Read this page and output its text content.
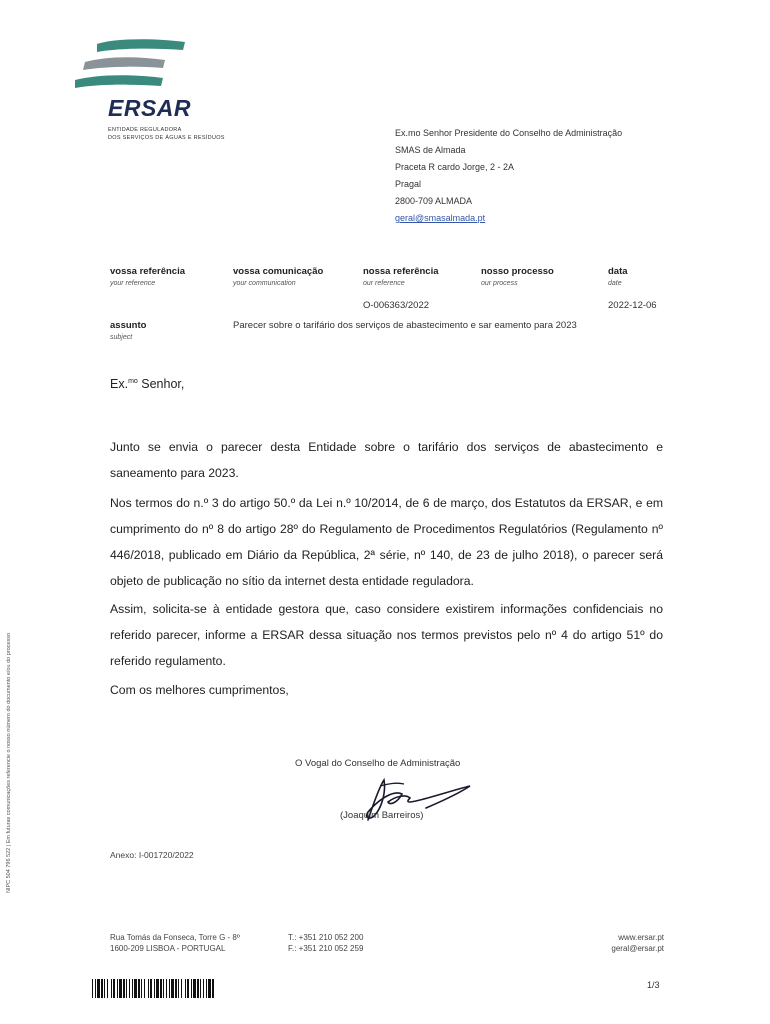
ERSAR
ENTIDADE REGULADORA
DOS SERVIÇOS DE ÁGUAS E RESÍDUOS	Ex.mo Senhor Presidente do Conselho de Administração
SMAS de Almada
Praceta R cardo Jorge, 2 - 2A
Pragal
2800-709 ALMADA
geral@smasalmada.pt
vossa referência
your reference
vossa comunicação
your communication
nossa referência
our reference
nosso processo
our process
data
date
O-006363/2022	2022-12-06
assunto
subject
Parecer sobre o tarifário dos serviços de abastecimento e sar eamento para 2023
Ex.$^{mo}$ Senhor,
Junto se envia o parecer desta Entidade sobre o tarifário dos serviços de abastecimento e saneamento para 2023.
Nos termos do n.º 3 do artigo 50.º da Lei n.º 10/2014, de 6 de março, dos Estatutos da ERSAR, e em cumprimento do nº 8 do artigo 28º do Regulamento de Procedimentos Regulatórios (Regulamento nº 446/2018, publicado em Diário da República, 2ª série, nº 140, de 23 de julho 2018), o parecer será objeto de publicação no sítio da internet desta entidade reguladora.
Assim, solicita-se à entidade gestora que, caso considere existirem informações confidenciais no referido parecer, informe a ERSAR dessa situação nos termos previstos pelo nº 4 do artigo 51º do referido regulamento.
Com os melhores cumprimentos,
O Vogal do Conselho de Administração
(Joaquim Barreiros)
Anexo: I-001720/2022
NIPC 504 796 522 | Em futuras comunicações referencie o nosso número do documento e/ou do processo
Rua Tomás da Fonseca, Torre G - 8º
1600-209 LISBOA - PORTUGAL
T.: +351 210 052 200
F.: +351 210 052 259
www.ersar.pt
geral@ersar.pt
1/3
